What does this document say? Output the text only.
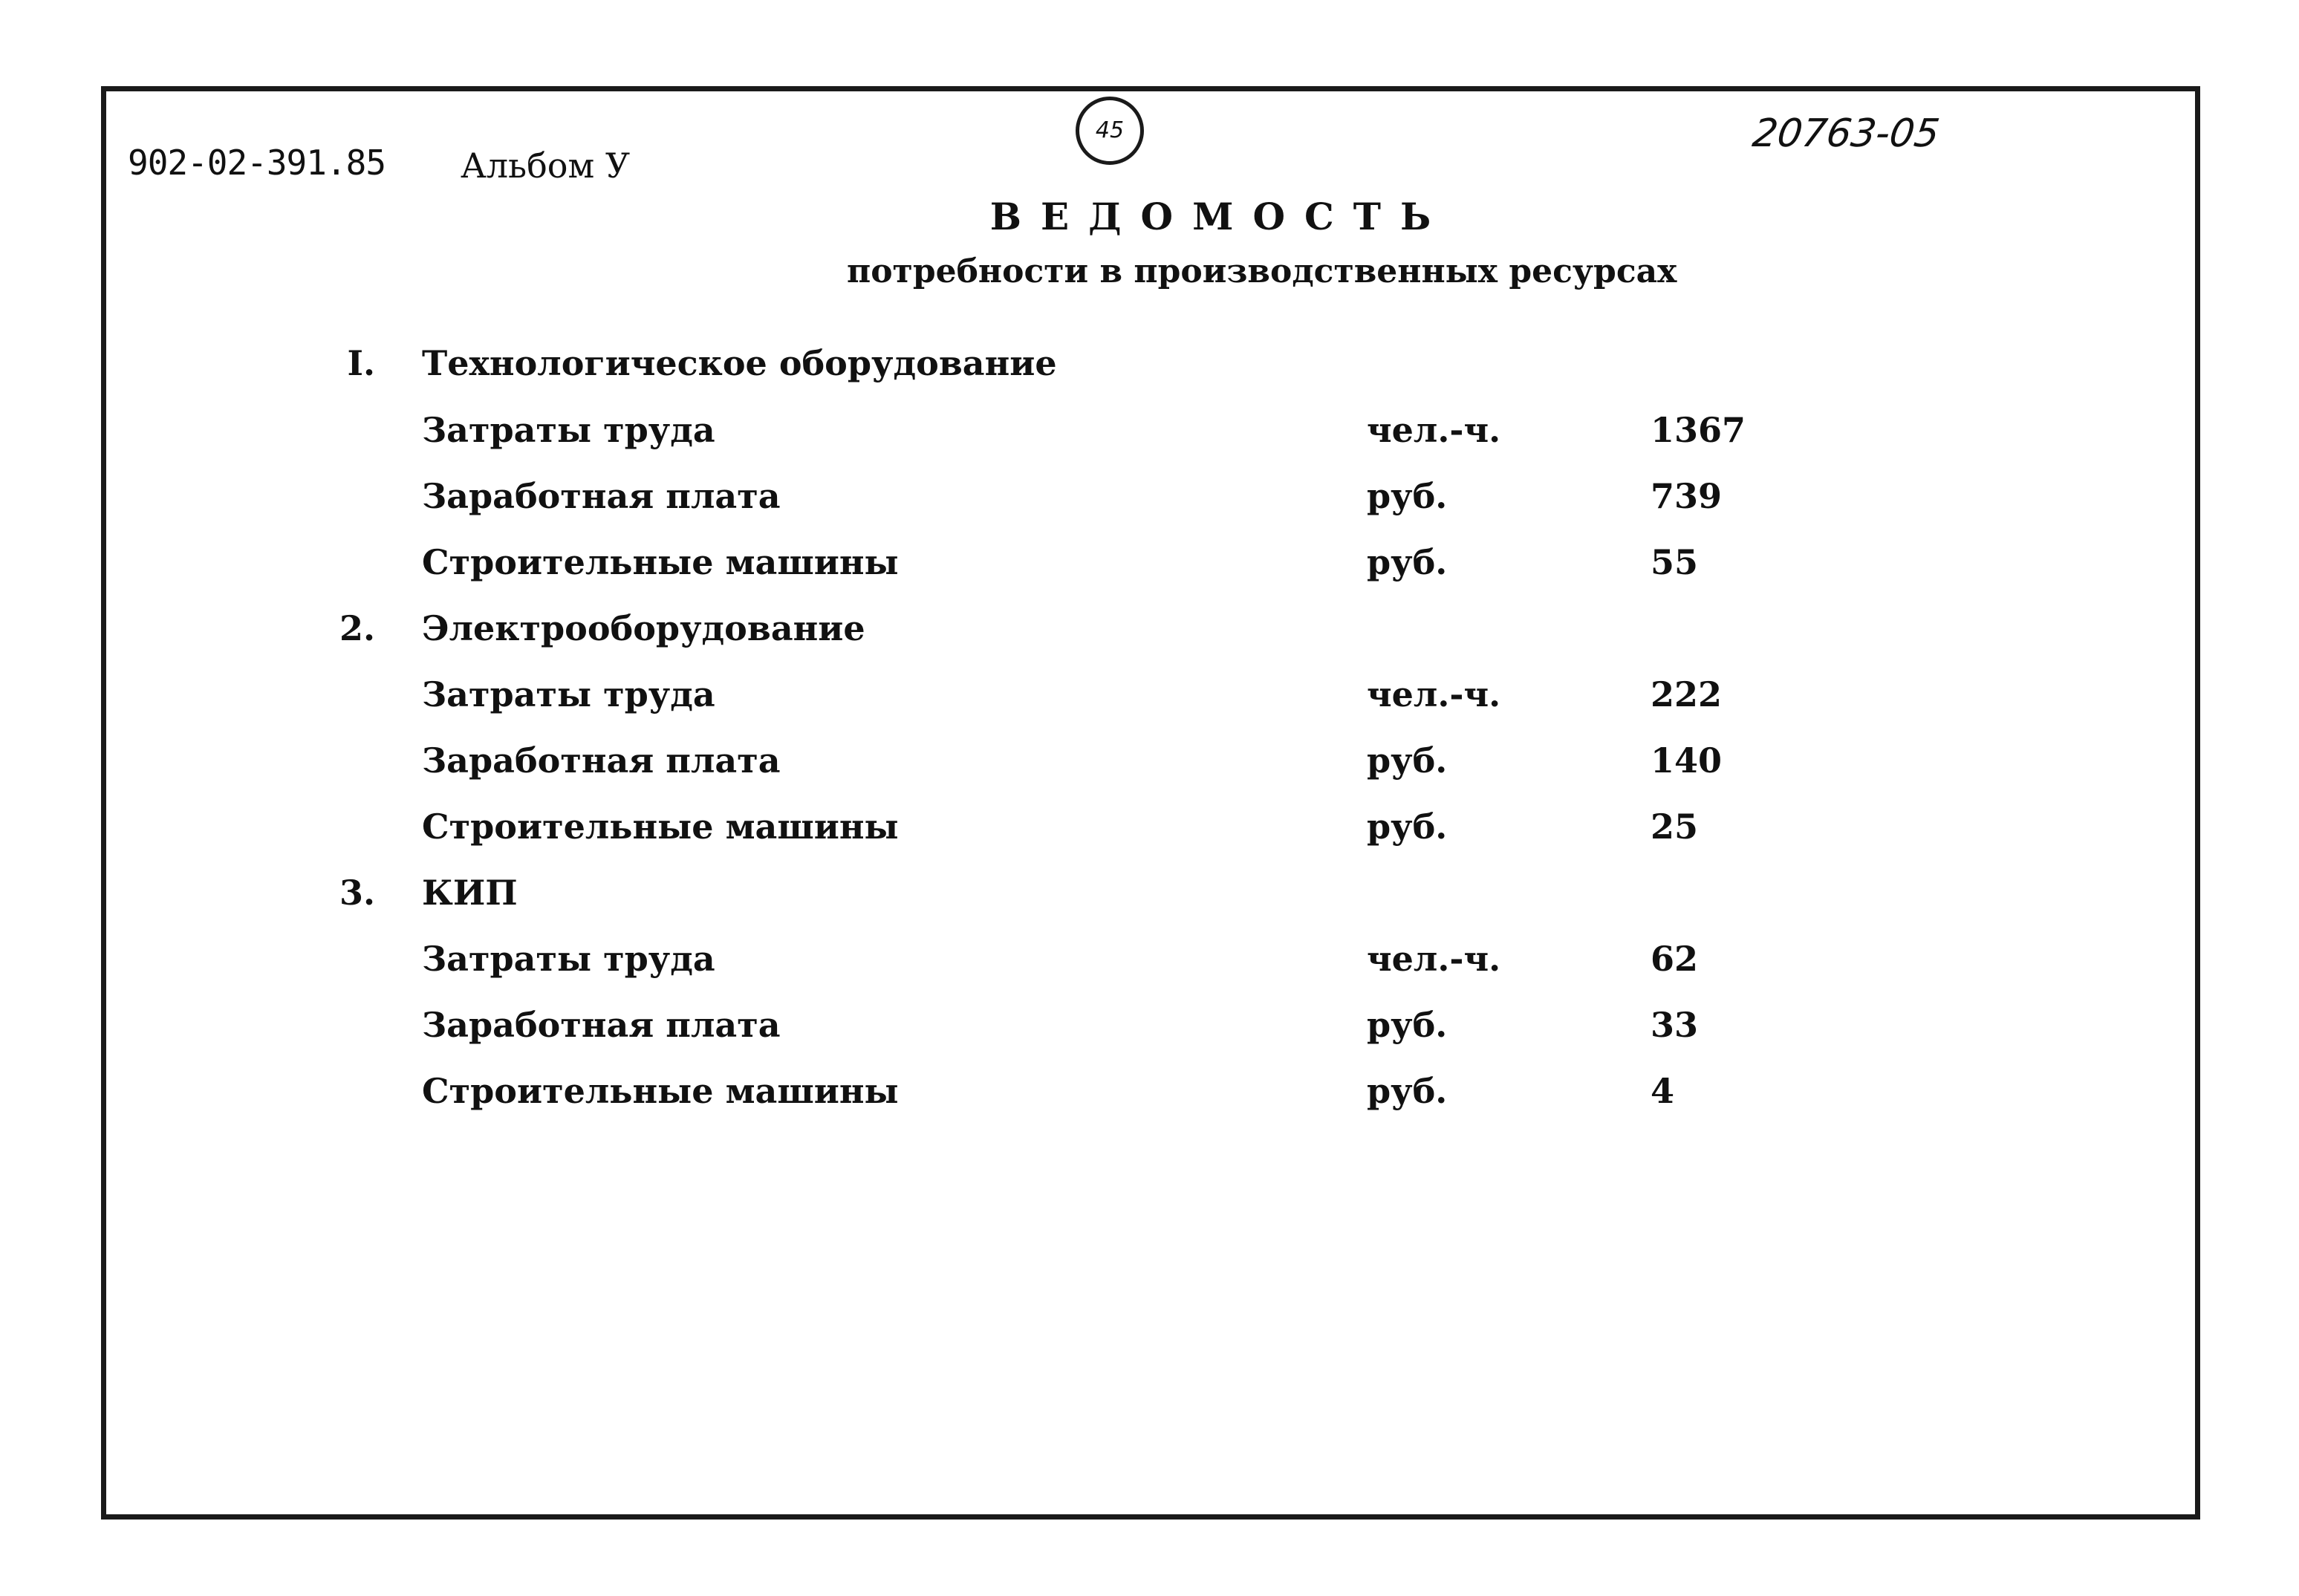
902-02-391.85 Альбом У
45	20763-05
ВЕДОМОСТЬ
потребности в производственных ресурсах
I. Технологическое оборудование
Затраты труда	чел.-ч.	1367
Заработная плата	руб.	739
Строительные машины	руб.	55
2. Электрооборудование
Затраты труда	чел.-ч.	222
Заработная плата	руб.	140
Строительные машины	руб.	25
3. КИП
Затраты труда	чел.-ч.	62
Заработная плата	руб.	33
Строительные машины	руб.	4
